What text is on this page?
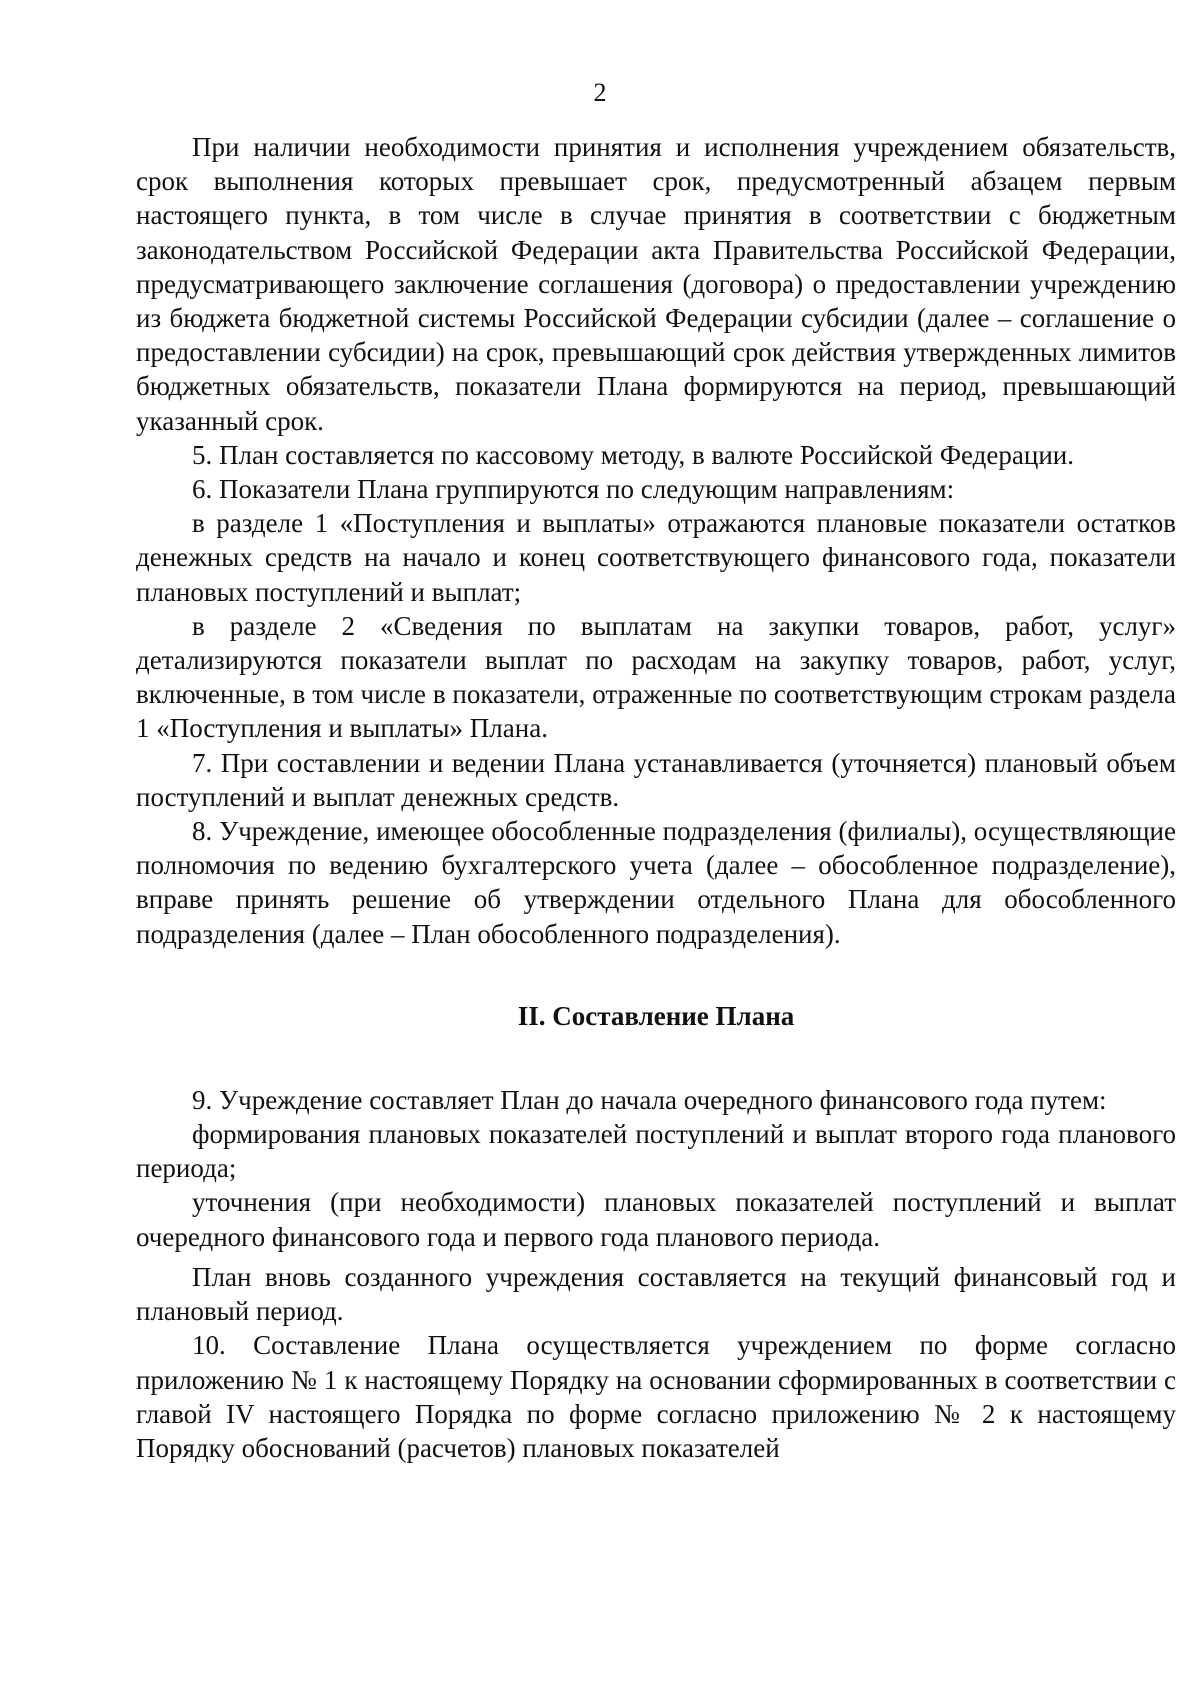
2

При наличии необходимости принятия и исполнения учреждением обязательств, срок выполнения которых превышает срок, предусмотренный абзацем первым настоящего пункта, в том числе в случае принятия в соответствии с бюджетным законодательством Российской Федерации акта Правительства Российской Федерации, предусматривающего заключение соглашения (договора) о предоставлении учреждению из бюджета бюджетной системы Российской Федерации субсидии (далее – соглашение о предоставлении субсидии) на срок, превышающий срок действия утвержденных лимитов бюджетных обязательств, показатели Плана формируются на период, превышающий указанный срок.

5. План составляется по кассовому методу, в валюте Российской Федерации.

6. Показатели Плана группируются по следующим направлениям:

в разделе 1 «Поступления и выплаты» отражаются плановые показатели остатков денежных средств на начало и конец соответствующего финансового года, показатели плановых поступлений и выплат;

в разделе 2 «Сведения по выплатам на закупки товаров, работ, услуг» детализируются показатели выплат по расходам на закупку товаров, работ, услуг, включенные, в том числе в показатели, отраженные по соответствующим строкам раздела 1 «Поступления и выплаты» Плана.

7. При составлении и ведении Плана устанавливается (уточняется) плановый объем поступлений и выплат денежных средств.

8. Учреждение, имеющее обособленные подразделения (филиалы), осуществляющие полномочия по ведению бухгалтерского учета (далее – обособленное подразделение), вправе принять решение об утверждении отдельного Плана для обособленного подразделения (далее – План обособленного подразделения).

II. Составление Плана

9. Учреждение составляет План до начала очередного финансового года путем:

формирования плановых показателей поступлений и выплат второго года планового периода;

уточнения (при необходимости) плановых показателей поступлений и выплат очередного финансового года и первого года планового периода.

План вновь созданного учреждения составляется на текущий финансовый год и плановый период.

10. Составление Плана осуществляется учреждением по форме согласно приложению № 1 к настоящему Порядку на основании сформированных в соответствии с главой IV настоящего Порядка по форме согласно приложению № 2 к настоящему Порядку обоснований (расчетов) плановых показателей
